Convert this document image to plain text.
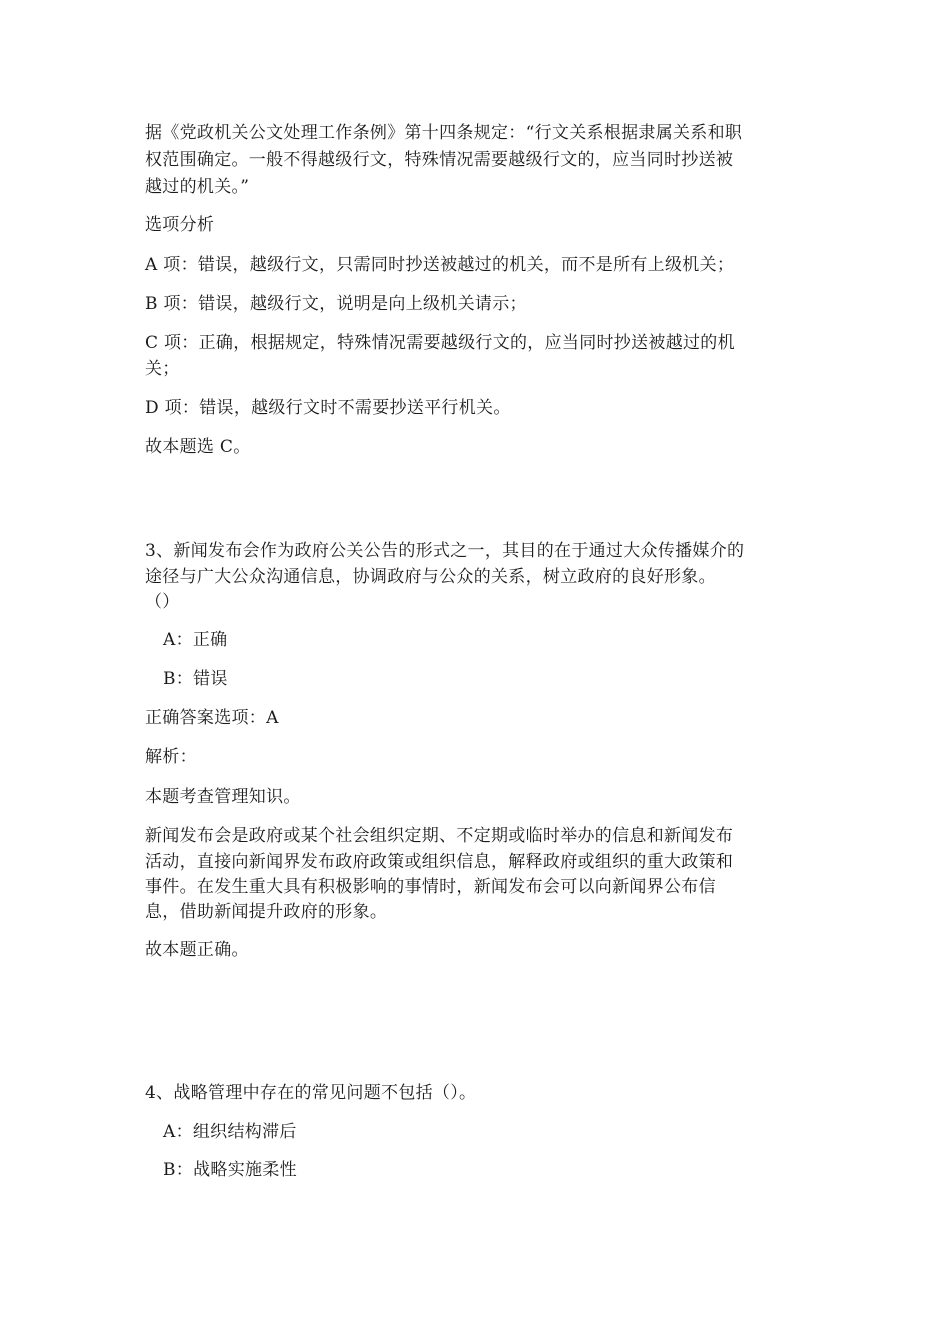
据《党政机关公文处理工作条例》第十四条规定：“行文关系根据隶属关系和职
权范围确定。一般不得越级行文，特殊情况需要越级行文的，应当同时抄送被
越过的机关。”
选项分析
A 项：错误，越级行文，只需同时抄送被越过的机关，而不是所有上级机关；
B 项：错误，越级行文，说明是向上级机关请示；
C 项：正确，根据规定，特殊情况需要越级行文的，应当同时抄送被越过的机
关；
D 项：错误，越级行文时不需要抄送平行机关。
故本题选 C。
3、新闻发布会作为政府公关公告的形式之一，其目的在于通过大众传播媒介的
途径与广大公众沟通信息，协调政府与公众的关系，树立政府的良好形象。
（）
A：正确
B：错误
正确答案选项：A
解析：
本题考查管理知识。
新闻发布会是政府或某个社会组织定期、不定期或临时举办的信息和新闻发布
活动，直接向新闻界发布政府政策或组织信息，解释政府或组织的重大政策和
事件。在发生重大具有积极影响的事情时，新闻发布会可以向新闻界公布信
息，借助新闻提升政府的形象。
故本题正确。
4、战略管理中存在的常见问题不包括（）。
A：组织结构滞后
B：战略实施柔性
